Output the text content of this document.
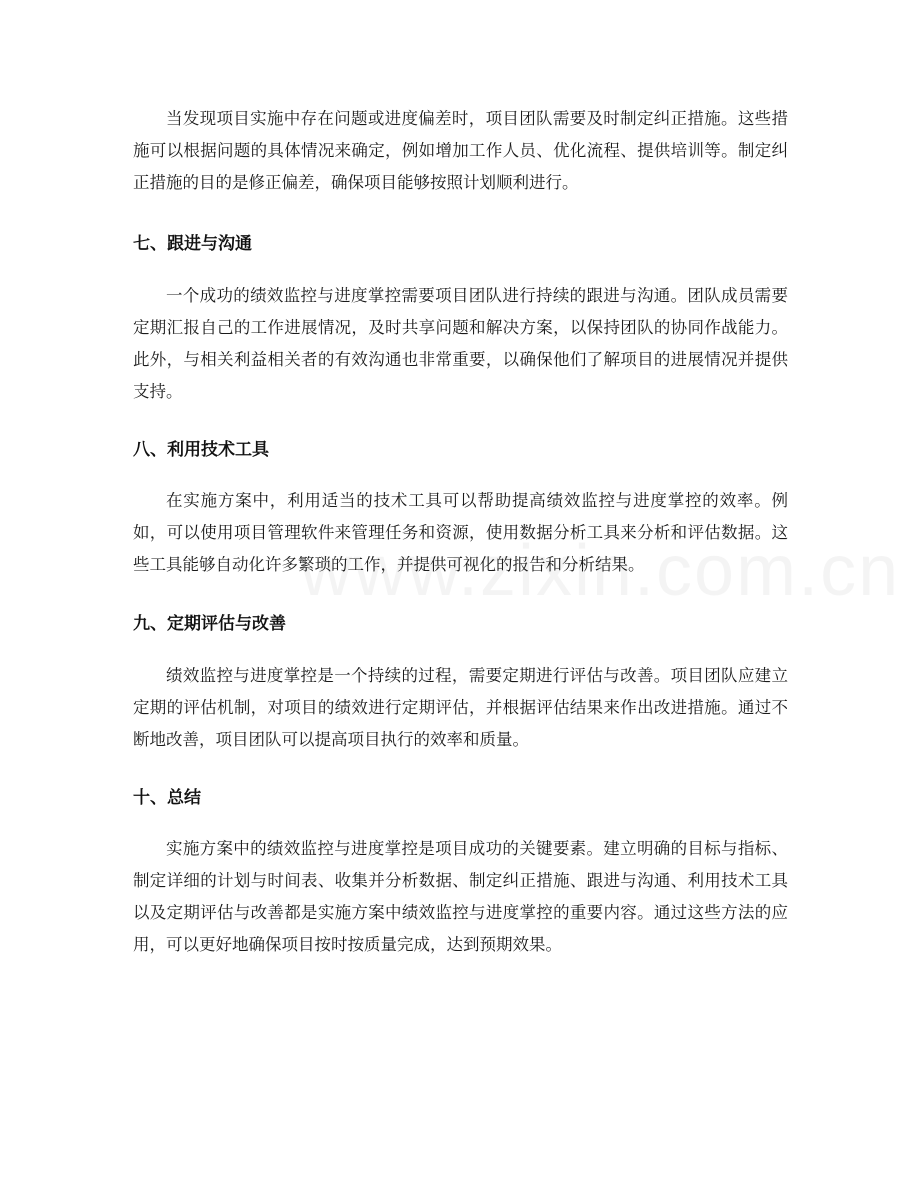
当发现项目实施中存在问题或进度偏差时，项目团队需要及时制定纠正措施。这些措施可以根据问题的具体情况来确定，例如增加工作人员、优化流程、提供培训等。制定纠正措施的目的是修正偏差，确保项目能够按照计划顺利进行。

七、跟进与沟通

一个成功的绩效监控与进度掌控需要项目团队进行持续的跟进与沟通。团队成员需要定期汇报自己的工作进展情况，及时共享问题和解决方案，以保持团队的协同作战能力。此外，与相关利益相关者的有效沟通也非常重要，以确保他们了解项目的进展情况并提供支持。

八、利用技术工具

在实施方案中，利用适当的技术工具可以帮助提高绩效监控与进度掌控的效率。例如，可以使用项目管理软件来管理任务和资源，使用数据分析工具来分析和评估数据。这些工具能够自动化许多繁琐的工作，并提供可视化的报告和分析结果。

九、定期评估与改善

绩效监控与进度掌控是一个持续的过程，需要定期进行评估与改善。项目团队应建立定期的评估机制，对项目的绩效进行定期评估，并根据评估结果来作出改进措施。通过不断地改善，项目团队可以提高项目执行的效率和质量。

十、总结

实施方案中的绩效监控与进度掌控是项目成功的关键要素。建立明确的目标与指标、制定详细的计划与时间表、收集并分析数据、制定纠正措施、跟进与沟通、利用技术工具以及定期评估与改善都是实施方案中绩效监控与进度掌控的重要内容。通过这些方法的应用，可以更好地确保项目按时按质量完成，达到预期效果。
